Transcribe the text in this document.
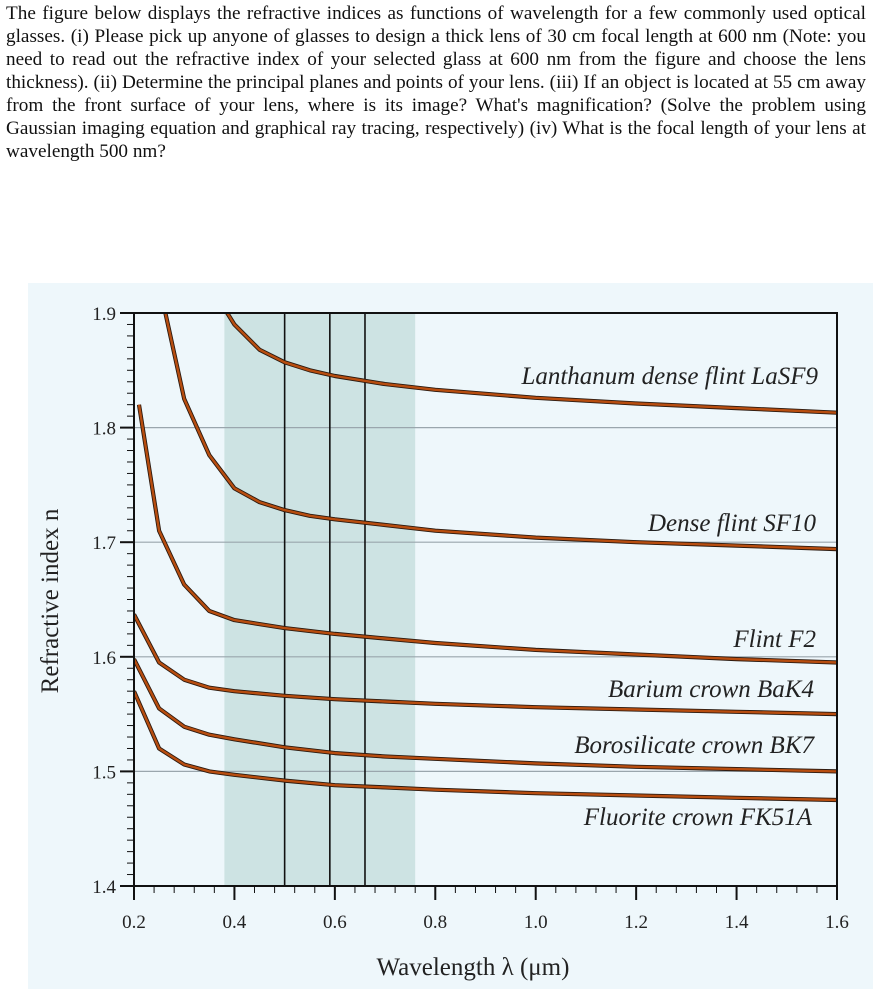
The figure below displays the refractive indices as functions of wavelength for a few commonly used optical glasses. (i) Please pick up anyone of glasses to design a thick lens of 30 cm focal length at 600 nm (Note: you need to read out the refractive index of your selected glass at 600 nm from the figure and choose the lens thickness). (ii) Determine the principal planes and points of your lens. (iii) If an object is located at 55 cm away from the front surface of your lens, where is its image? What's magnification? (Solve the problem using Gaussian imaging equation and graphical ray tracing, respectively) (iv) What is the focal length of your lens at wavelength 500 nm?

0.2	0.4	0.6	0.8	1.0	1.2	1.4	1.6
1.4
1.5
1.6
1.7
1.8
1.9
Wavelength λ (μm)
Refractive index n
Lanthanum dense flint LaSF9
Dense flint SF10
Flint F2
Barium crown BaK4
Borosilicate crown BK7
Fluorite crown FK51A
